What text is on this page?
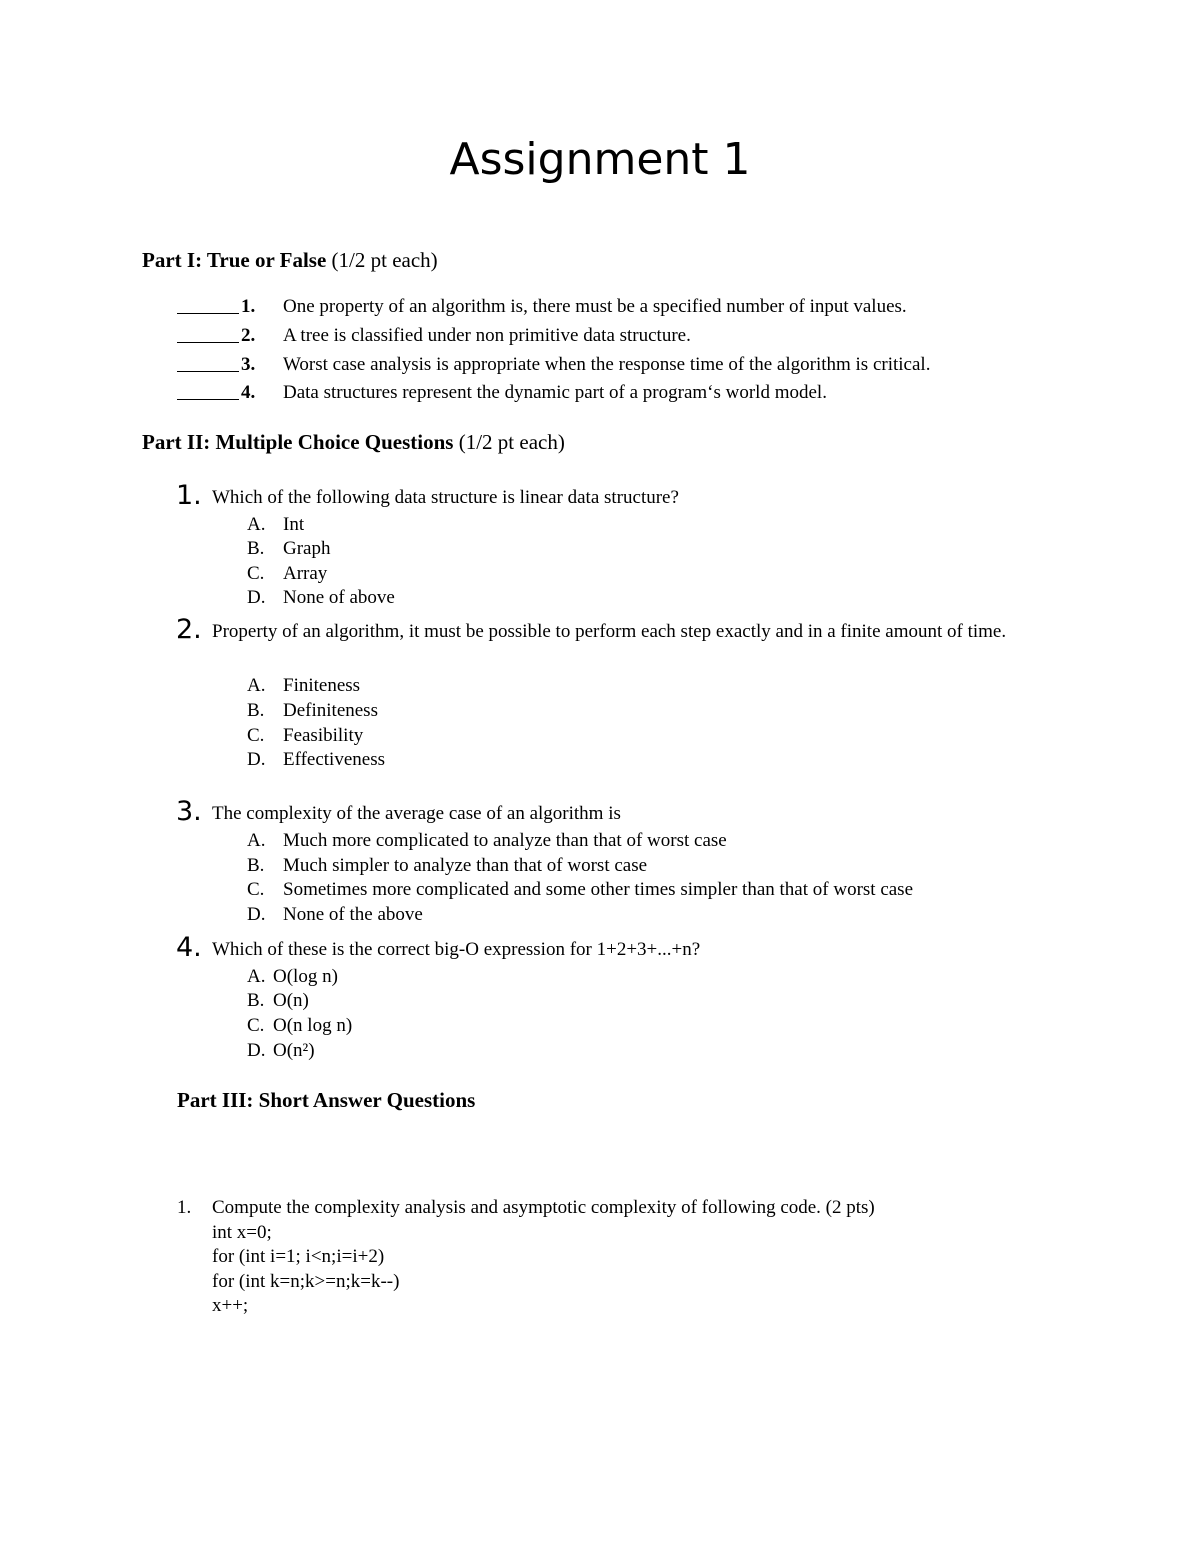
Assignment 1
Part I: True or False (1/2 pt each)
1. One property of an algorithm is, there must be a specified number of input values.
2. A tree is classified under non primitive data structure.
3. Worst case analysis is appropriate when the response time of the algorithm is critical.
4. Data structures represent the dynamic part of a program‘s world model.
Part II: Multiple Choice Questions (1/2 pt each)
1. Which of the following data structure is linear data structure?
A. Int
B. Graph
C. Array
D. None of above
2. Property of an algorithm, it must be possible to perform each step exactly and in a finite amount of time.
A. Finiteness
B. Definiteness
C. Feasibility
D. Effectiveness
3. The complexity of the average case of an algorithm is
A. Much more complicated to analyze than that of worst case
B. Much simpler to analyze than that of worst case
C. Sometimes more complicated and some other times simpler than that of worst case
D. None of the above
4. Which of these is the correct big-O expression for 1+2+3+...+n?
A. O(log n)
B. O(n)
C. O(n log n)
D. O(n²)
Part III: Short Answer Questions
1. Compute the complexity analysis and asymptotic complexity of following code. (2 pts)
int x=0;
for (int i=1; i<n;i=i+2)
for (int k=n;k>=n;k=k--)
x++;
